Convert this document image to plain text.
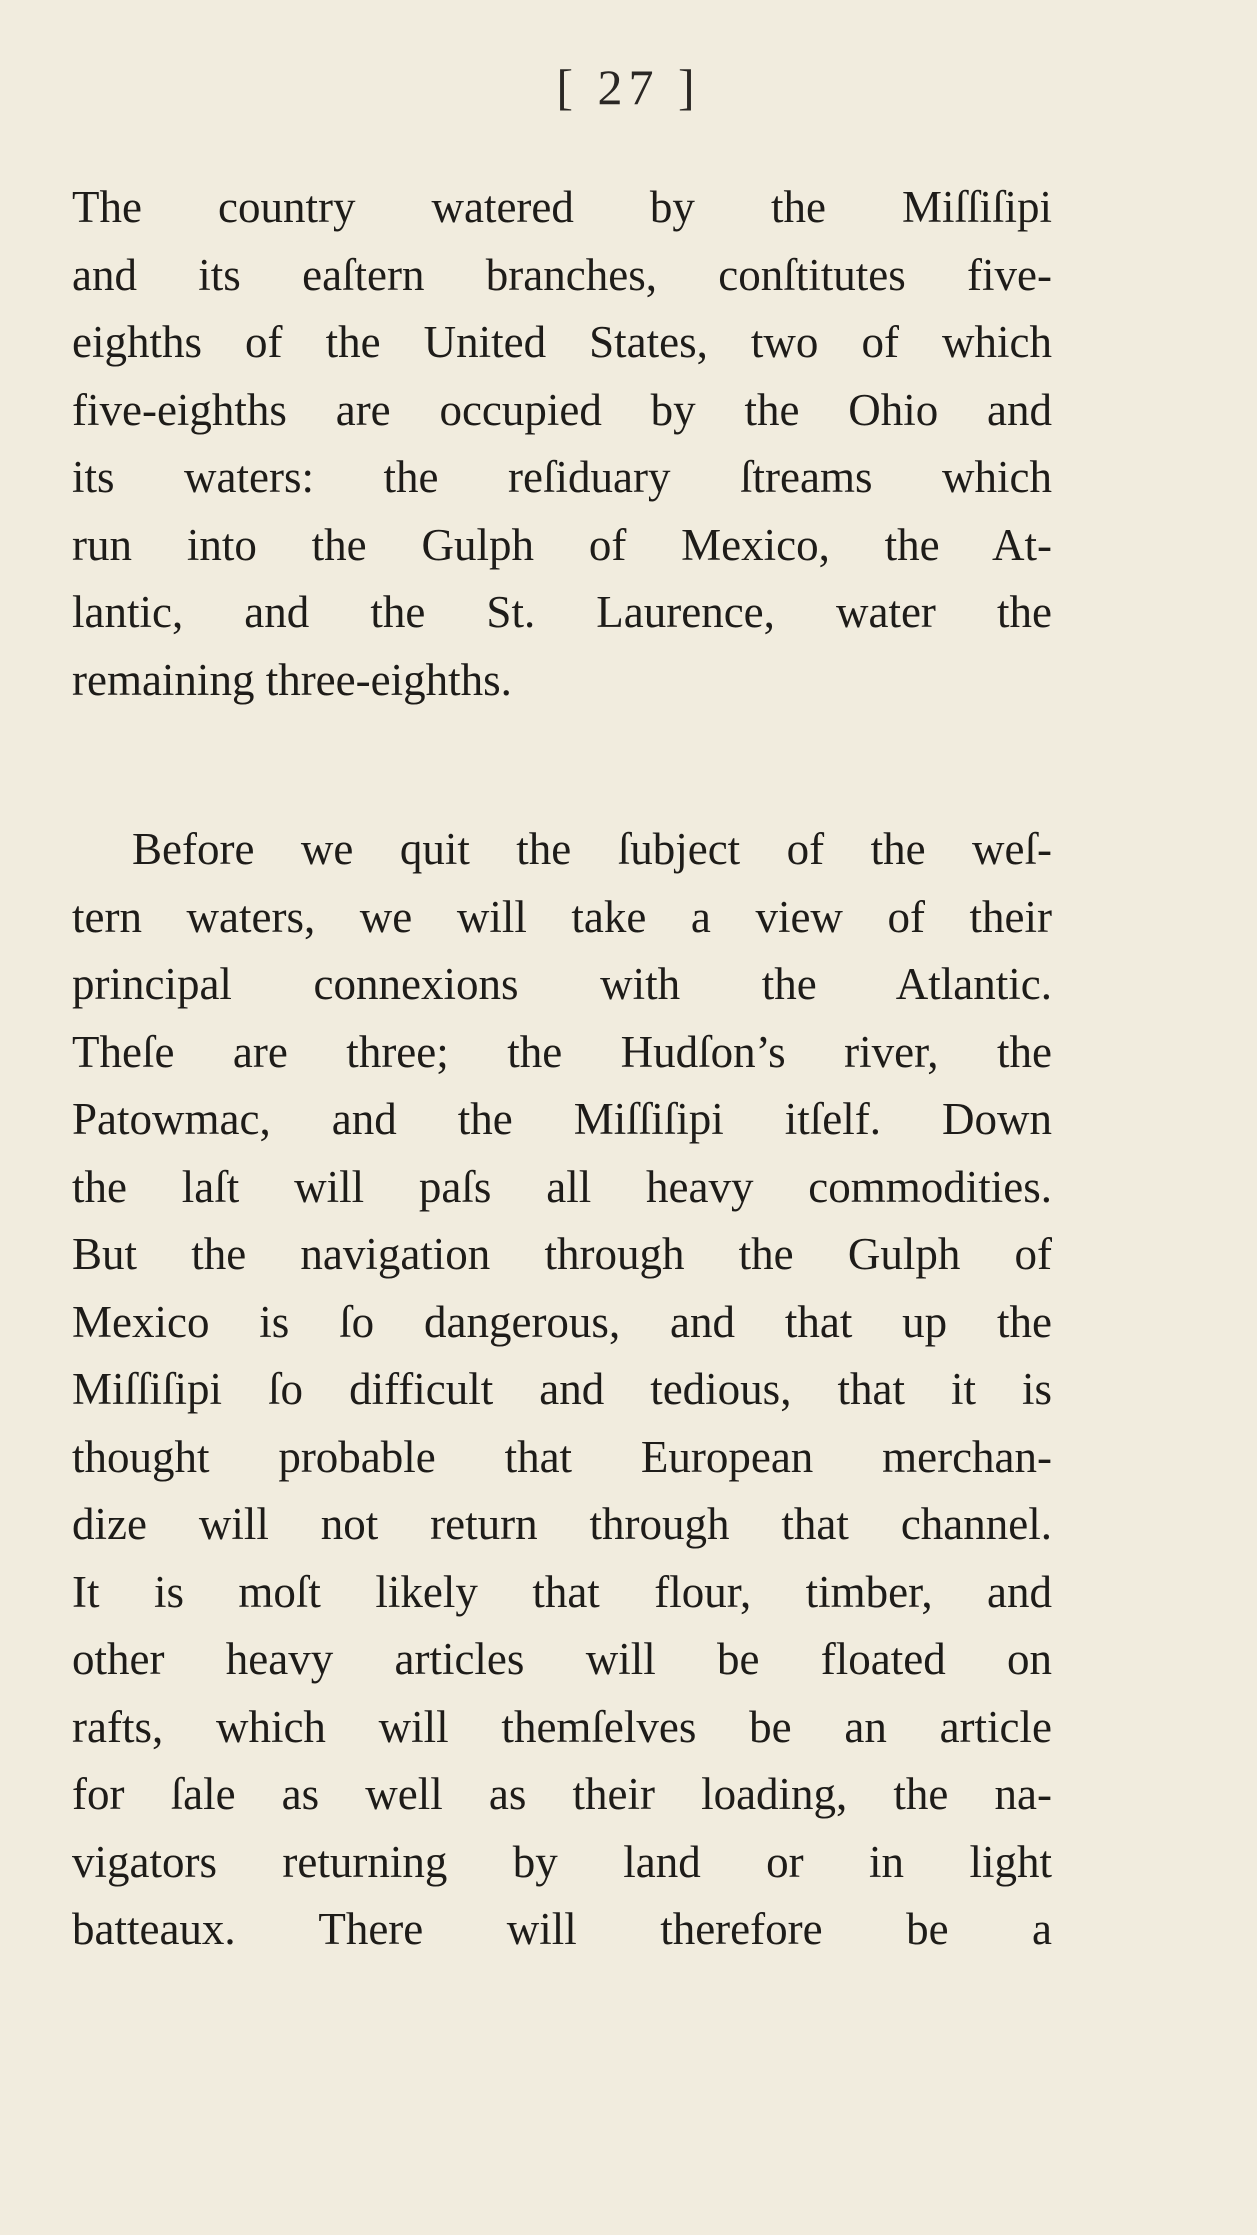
[ 27 ]
The country watered by the Miſſiſipi
and its eaſtern branches, conſtitutes five-
eighths of the United States, two of which
five-eighths are occupied by the Ohio and
its waters: the reſiduary ſtreams which
run into the Gulph of Mexico, the At-
lantic, and the St. Laurence, water the
remaining three-eighths.
Before we quit the ſubject of the weſ-
tern waters, we will take a view of their
principal connexions with the Atlantic.
Theſe are three; the Hudſon’s river, the
Patowmac, and the Miſſiſipi itſelf. Down
the laſt will paſs all heavy commodities.
But the navigation through the Gulph of
Mexico is ſo dangerous, and that up the
Miſſiſipi ſo difficult and tedious, that it is
thought probable that European merchan-
dize will not return through that channel.
It is moſt likely that flour, timber, and
other heavy articles will be floated on
rafts, which will themſelves be an article
for ſale as well as their loading, the na-
vigators returning by land or in light
batteaux. There will therefore be a
